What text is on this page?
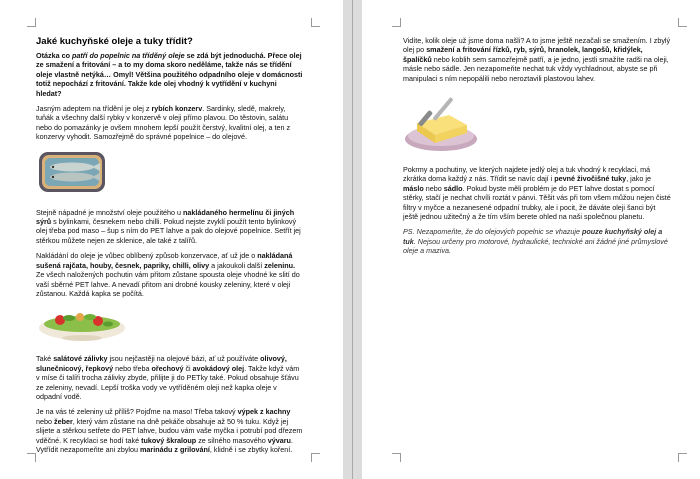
Jaké kuchyňské oleje a tuky třídit?

Otázka co patří do popelnic na tříděný oleje se zdá být jednoduchá. Přece olej ze smažení a fritování – a to my doma skoro neděláme, takže nás se třídění oleje vlastně netýká… Omyl! Většina použitého odpadního oleje v domácnosti totiž nepochází z fritování. Takže kde olej vhodný k vytřídění v kuchyni hledat?

Jasným adeptem na třídění je olej z rybích konzerv. Sardinky, sledě, makrely, tuňák a všechny další rybky v konzervě v oleji přímo plavou. Do těstovin, salátu nebo do pomazánky je ovšem mnohem lepší použít čerstvý, kvalitní olej, a ten z konzervy vyhodit. Samozřejmě do správné popelnice – do olejové.

Stejně nápadné je množství oleje použitého u nakládaného hermelínu či jiných sýrů s bylinkami, česnekem nebo chilli. Pokud nejste zvyklí použít tento bylinkový olej třeba pod maso – šup s ním do PET lahve a pak do olejové popelnice. Setřít jej stěrkou můžete nejen ze sklenice, ale také z talířů.

Nakládání do oleje je vůbec oblíbený způsob konzervace, ať už jde o nakládaná sušená rajčata, houby, česnek, papriky, chilli, olivy a jakoukoli další zeleninu. Ze všech naložených pochutin vám přitom zůstane spousta oleje vhodné ke slití do vaší sběrné PET lahve. A nevadí přitom ani drobné kousky zeleniny, které v oleji zůstanou. Každá kapka se počítá.

Také salátové zálivky jsou nejčastěji na olejové bázi, ať už používáte olivový, slunečnicový, řepkový nebo třeba ořechový či avokádový olej. Takže když vám v míse či talíři trocha zálivky zbyde, přilijte ji do PETky také. Pokud obsahuje šťávu ze zeleniny, nevadí. Lepší troška vody ve vytříděném oleji než kapka oleje v odpadní vodě.

Je na vás té zeleniny už příliš? Pojďme na maso! Třeba takový výpek z kachny nebo žeber, který vám zůstane na dně pekáče obsahuje až 50 % tuku. Když jej slijete a stěrkou setřete do PET lahve, budou vám vaše myčka i potrubí pod dřezem vděčné. K recyklaci se hodí také tukový škraloup ze silného masového vývaru. Vytřídit nezapomeňte ani zbylou marinádu z grilování, klidně i se zbytky koření.

Vidíte, kolik oleje už jsme doma našli? A to jsme ještě nezačali se smažením. I zbylý olej po smažení a fritování řízků, ryb, sýrů, hranolek, langošů, křidýlek, špalíčků nebo koblih sem samozřejmě patří, a je jedno, jestli smažíte radši na oleji, másle nebo sádle. Jen nezapomeňte nechat tuk vždy vychladnout, abyste se při manipulaci s ním nepopálili nebo neroztavili plastovou lahev.

Pokrmy a pochutiny, ve kterých najdete jedlý olej a tuk vhodný k recyklaci, má zkrátka doma každý z nás. Třídit se navíc dají i pevné živočišné tuky, jako je máslo nebo sádlo. Pokud byste měli problém je do PET lahve dostat s pomocí stěrky, stačí je nechat chvíli roztát v pánvi. Těšit vás při tom všem můžou nejen čisté filtry v myčce a nezanesené odpadní trubky, ale i pocit, že dáváte oleji šanci být ještě jednou užitečný a že tím vším berete ohled na naši společnou planetu.

PS. Nezapomeňte, že do olejových popelnic se vhazuje pouze kuchyňský olej a tuk. Nejsou určeny pro motorové, hydraulické, technické ani žádné jiné průmyslové oleje a maziva.
